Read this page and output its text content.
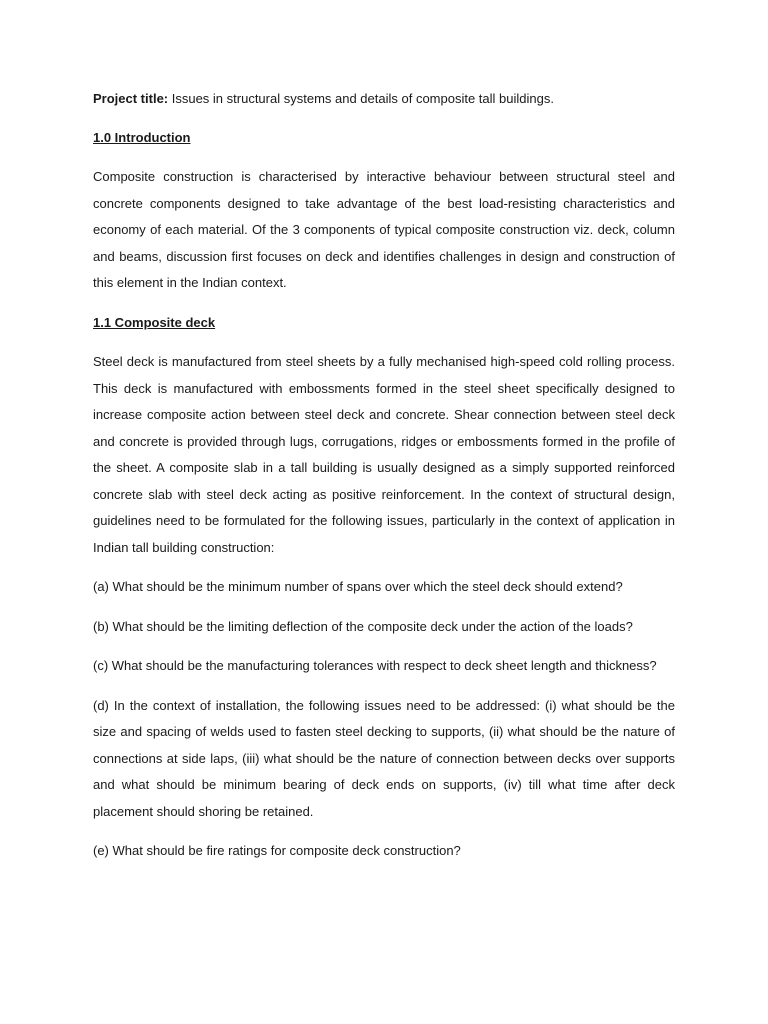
Project title: Issues in structural systems and details of composite tall buildings.

1.0 Introduction

Composite construction is characterised by interactive behaviour between structural steel and concrete components designed to take advantage of the best load-resisting characteristics and economy of each material. Of the 3 components of typical composite construction viz. deck, column and beams, discussion first focuses on deck and identifies challenges in design and construction of this element in the Indian context.

1.1 Composite deck

Steel deck is manufactured from steel sheets by a fully mechanised high-speed cold rolling process. This deck is manufactured with embossments formed in the steel sheet specifically designed to increase composite action between steel deck and concrete. Shear connection between steel deck and concrete is provided through lugs, corrugations, ridges or embossments formed in the profile of the sheet. A composite slab in a tall building is usually designed as a simply supported reinforced concrete slab with steel deck acting as positive reinforcement. In the context of structural design, guidelines need to be formulated for the following issues, particularly in the context of application in Indian tall building construction:

(a) What should be the minimum number of spans over which the steel deck should extend?

(b) What should be the limiting deflection of the composite deck under the action of the loads?

(c) What should be the manufacturing tolerances with respect to deck sheet length and thickness?

(d) In the context of installation, the following issues need to be addressed: (i) what should be the size and spacing of welds used to fasten steel decking to supports, (ii) what should be the nature of connections at side laps, (iii) what should be the nature of connection between decks over supports and what should be minimum bearing of deck ends on supports, (iv) till what time after deck placement should shoring be retained.

(e) What should be fire ratings for composite deck construction?
